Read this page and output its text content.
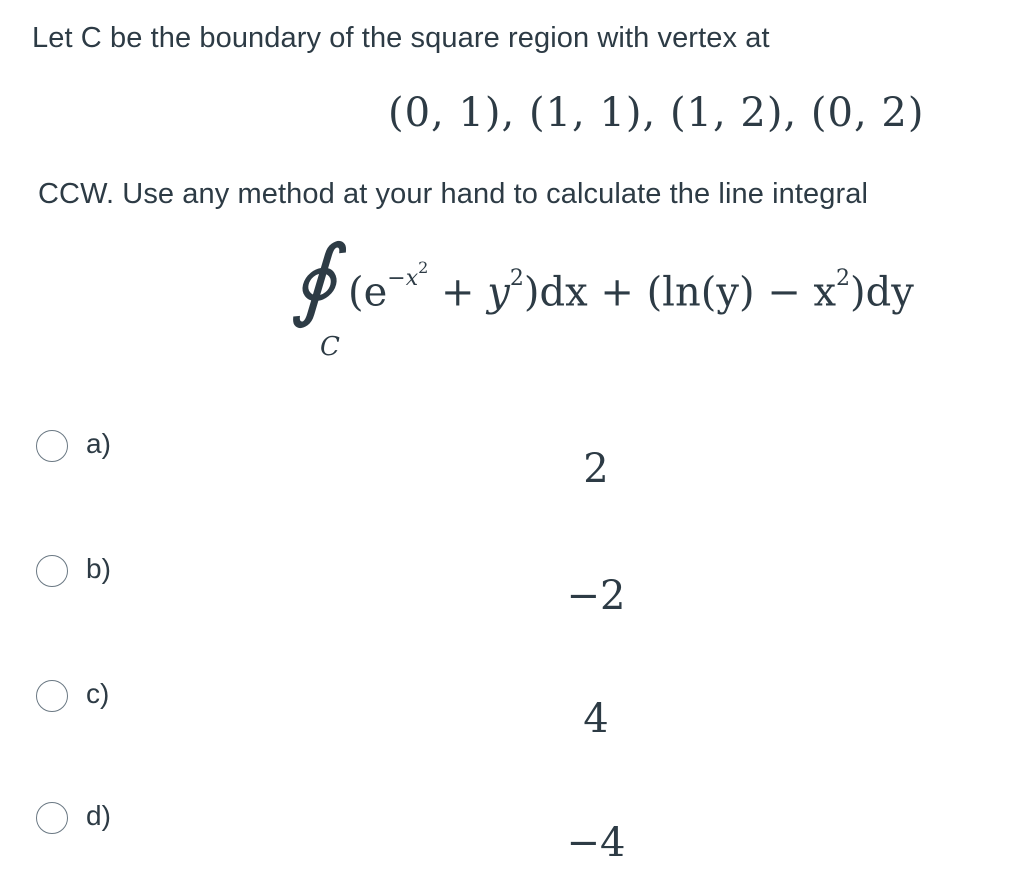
Let C be the boundary of the square region with vertex at
(0, 1), (1, 1), (1, 2), (0, 2)
CCW. Use any method at your hand to calculate the line integral
∮
C
$(e^{-x^2} + y^2)dx + (\ln(y) - x^2)dy$
a)
2
b)
−2
c)
4
d)
−4
